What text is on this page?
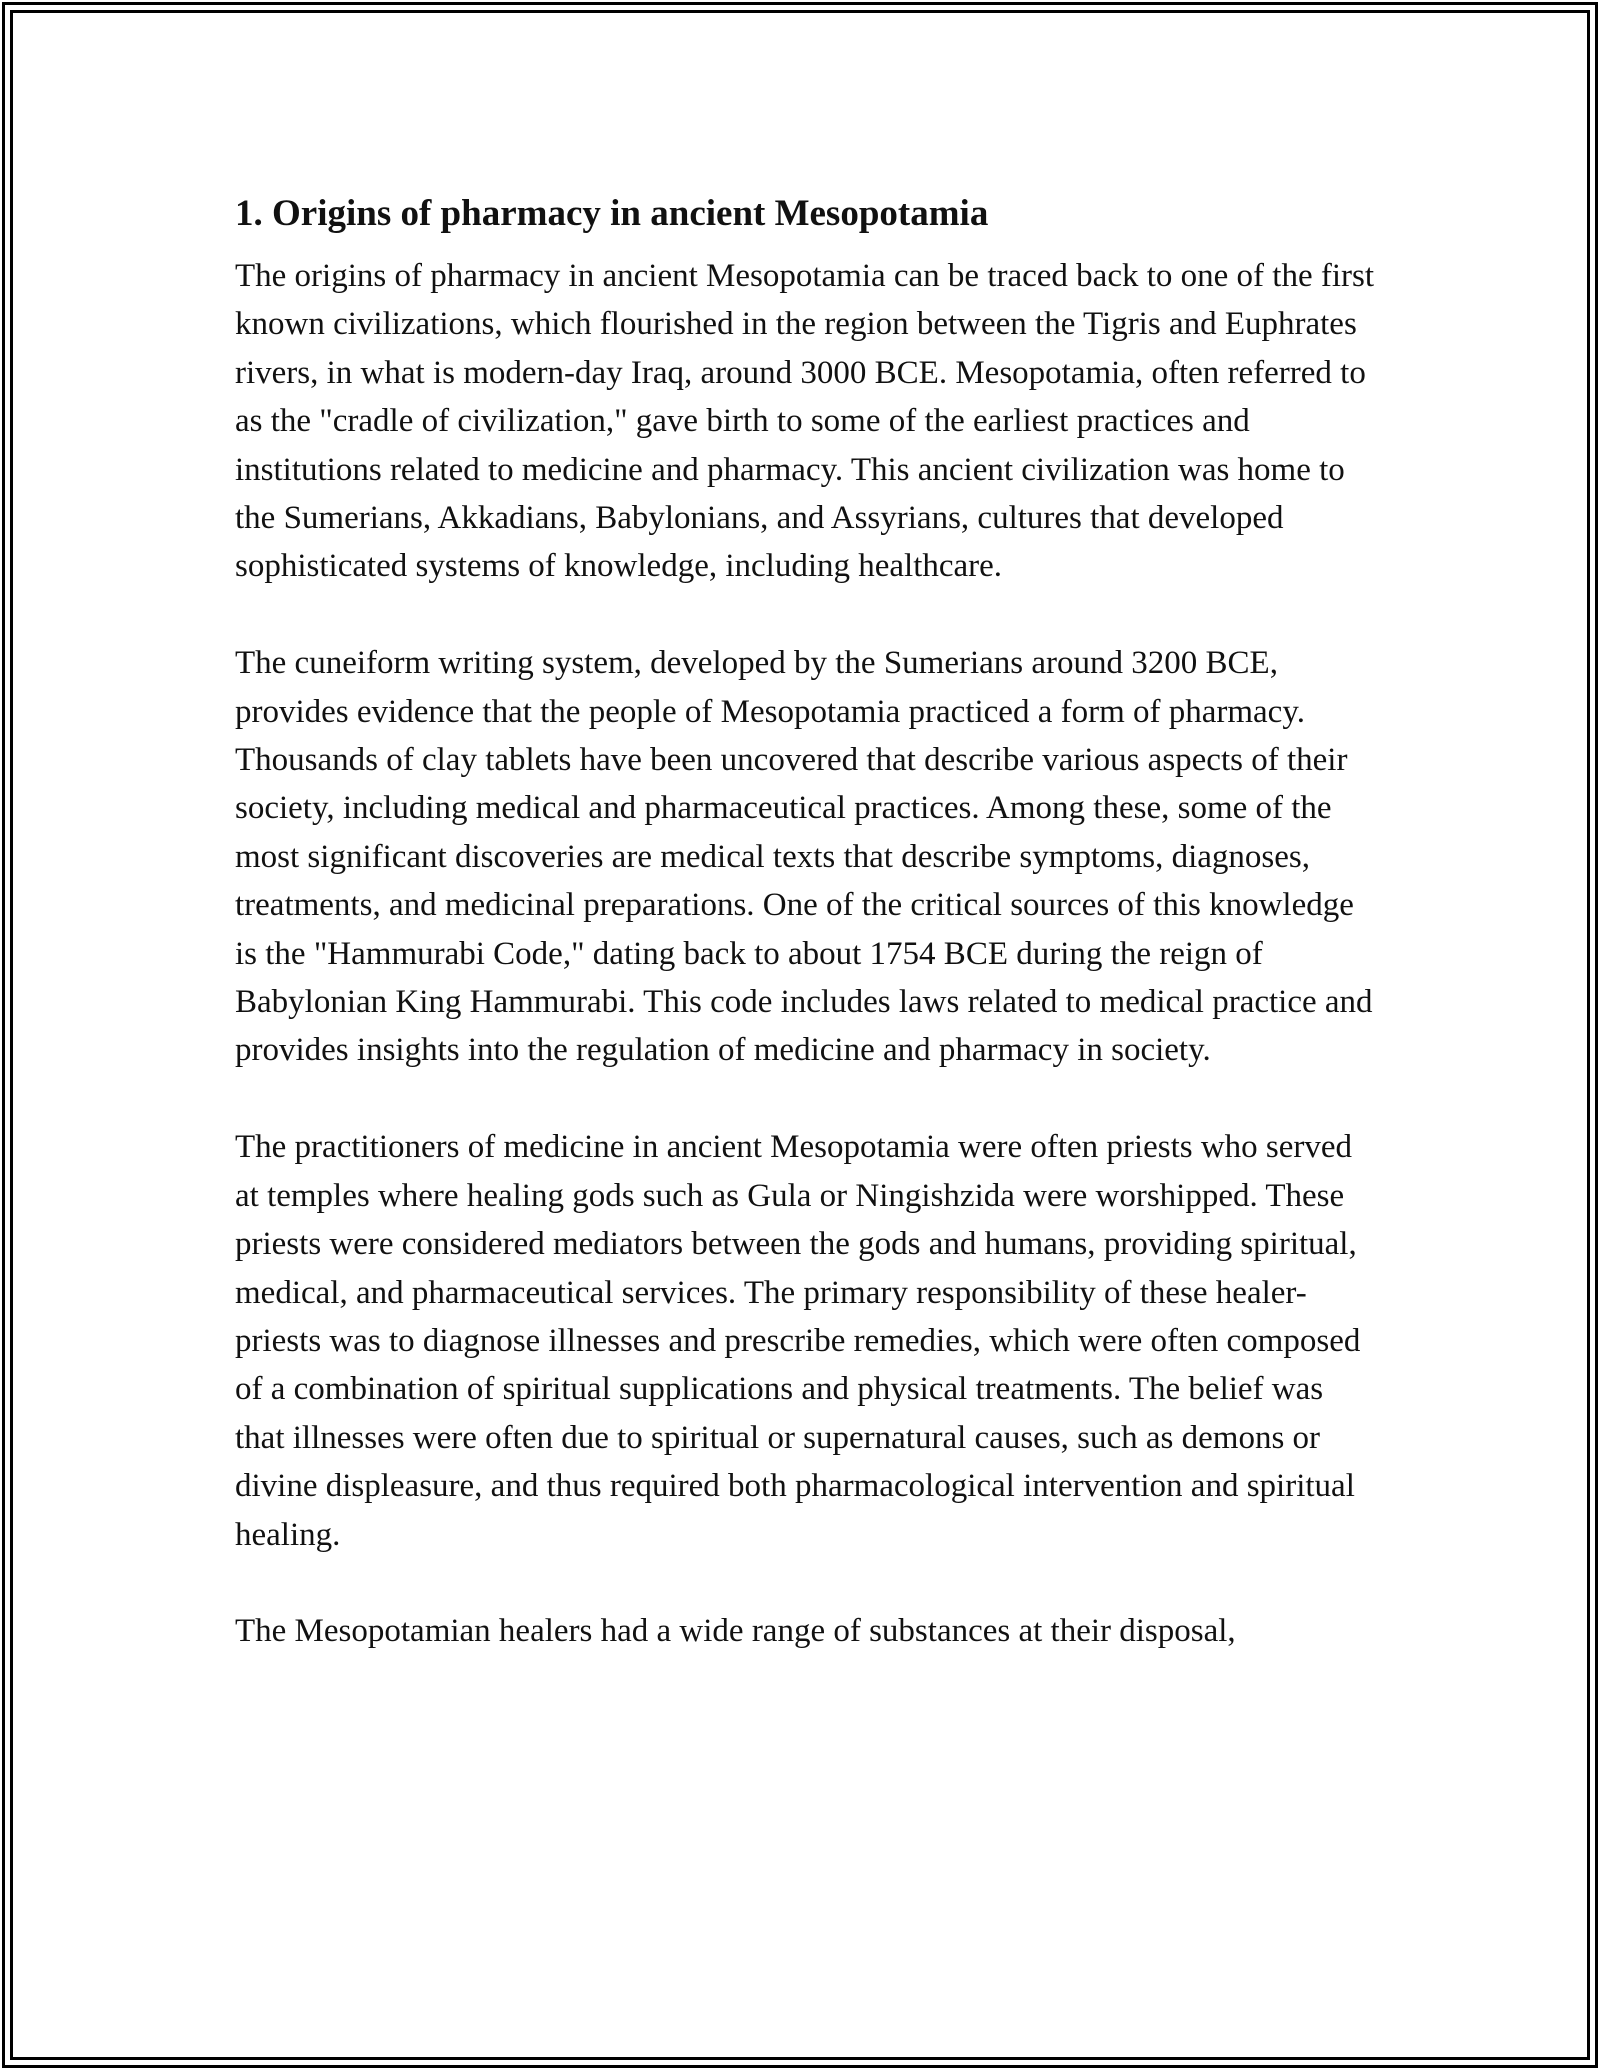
1. Origins of pharmacy in ancient Mesopotamia

The origins of pharmacy in ancient Mesopotamia can be traced back to one of the first known civilizations, which flourished in the region between the Tigris and Euphrates rivers, in what is modern-day Iraq, around 3000 BCE. Mesopotamia, often referred to as the "cradle of civilization," gave birth to some of the earliest practices and institutions related to medicine and pharmacy. This ancient civilization was home to the Sumerians, Akkadians, Babylonians, and Assyrians, cultures that developed sophisticated systems of knowledge, including healthcare.

The cuneiform writing system, developed by the Sumerians around 3200 BCE, provides evidence that the people of Mesopotamia practiced a form of pharmacy. Thousands of clay tablets have been uncovered that describe various aspects of their society, including medical and pharmaceutical practices. Among these, some of the most significant discoveries are medical texts that describe symptoms, diagnoses, treatments, and medicinal preparations. One of the critical sources of this knowledge is the "Hammurabi Code," dating back to about 1754 BCE during the reign of Babylonian King Hammurabi. This code includes laws related to medical practice and provides insights into the regulation of medicine and pharmacy in society.

The practitioners of medicine in ancient Mesopotamia were often priests who served at temples where healing gods such as Gula or Ningishzida were worshipped. These priests were considered mediators between the gods and humans, providing spiritual, medical, and pharmaceutical services. The primary responsibility of these healer-priests was to diagnose illnesses and prescribe remedies, which were often composed of a combination of spiritual supplications and physical treatments. The belief was that illnesses were often due to spiritual or supernatural causes, such as demons or divine displeasure, and thus required both pharmacological intervention and spiritual healing.

The Mesopotamian healers had a wide range of substances at their disposal,
